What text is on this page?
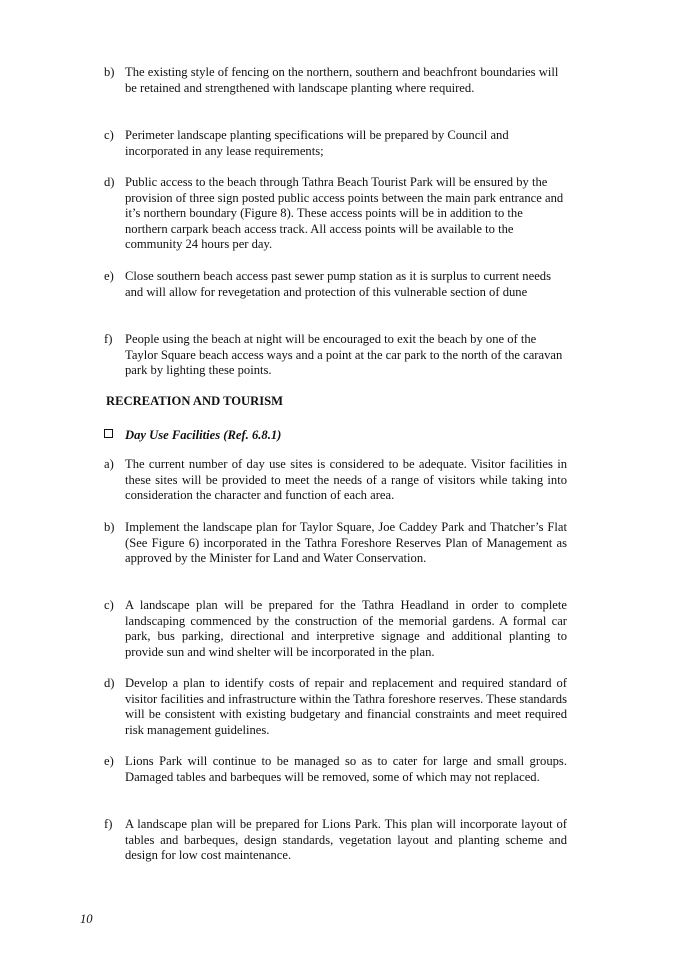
b) The existing style of fencing on the northern, southern and beachfront boundaries will be retained and strengthened with landscape planting where required.
c) Perimeter landscape planting specifications will be prepared by Council and incorporated in any lease requirements;
d) Public access to the beach through Tathra Beach Tourist Park will be ensured by the provision of three sign posted public access points between the main park entrance and it’s northern boundary (Figure 8). These access points will be in addition to the northern carpark beach access track. All access points will be available to the community 24 hours per day.
e) Close southern beach access past sewer pump station as it is surplus to current needs and will allow for revegetation and protection of this vulnerable section of dune
f)	People using the beach at night will be encouraged to exit the beach by one of the Taylor Square beach access ways and a point at the car park to the north of the caravan park by lighting these points.
RECREATION AND TOURISM
Day Use Facilities (Ref. 6.8.1)
a) The current number of day use sites is considered to be adequate. Visitor facilities in these sites will be provided to meet the needs of a range of visitors while taking into consideration the character and function of each area.
b) Implement the landscape plan for Taylor Square, Joe Caddey Park and Thatcher’s Flat (See Figure 6) incorporated in the Tathra Foreshore Reserves Plan of Management as approved by the Minister for Land and Water Conservation.
c) A landscape plan will be prepared for the Tathra Headland in order to complete landscaping commenced by the construction of the memorial gardens. A formal car park, bus parking, directional and interpretive signage and additional planting to provide sun and wind shelter will be incorporated in the plan.
d) Develop a plan to identify costs of repair and replacement and required standard of visitor facilities and infrastructure within the Tathra foreshore reserves. These standards will be consistent with existing budgetary and financial constraints and meet required risk management guidelines.
e) Lions Park will continue to be managed so as to cater for large and small groups. Damaged tables and barbeques will be removed, some of which may not replaced.
f)	A landscape plan will be prepared for Lions Park. This plan will incorporate layout of tables and barbeques, design standards, vegetation layout and planting scheme and design for low cost maintenance.
10
